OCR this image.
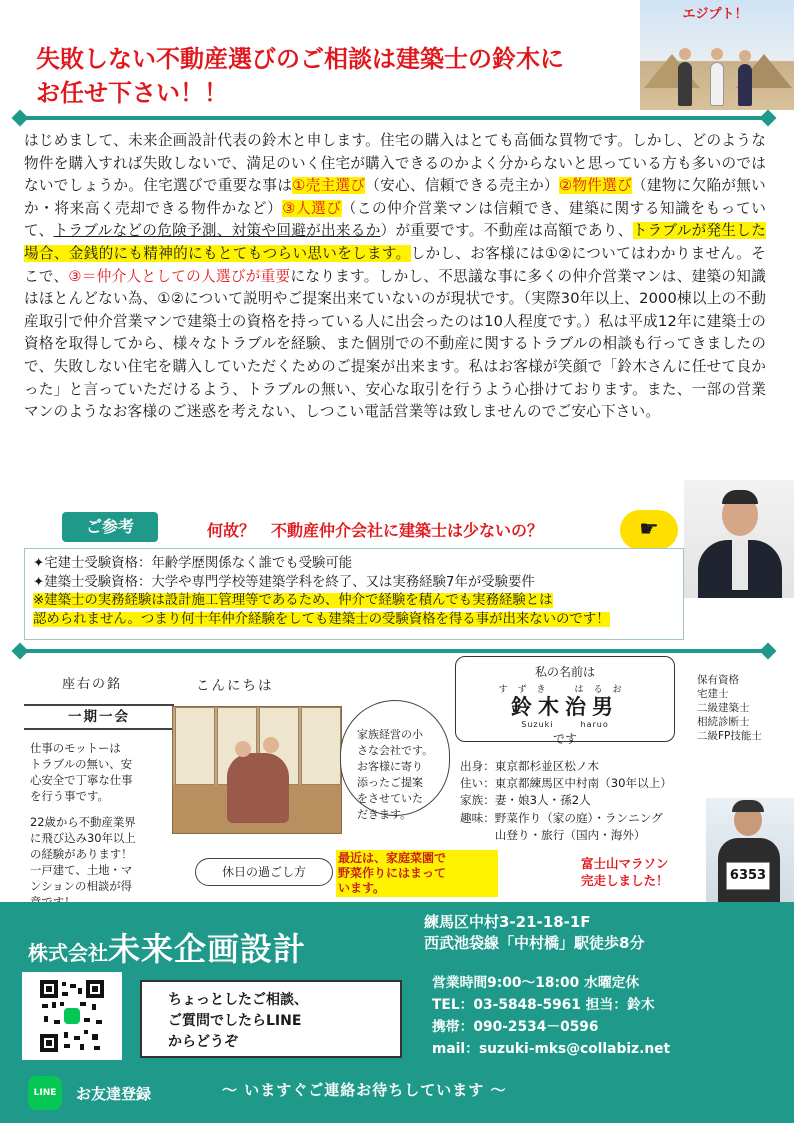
失敗しない不動産選びのご相談は建築士の鈴木に
お任せ下さい！！
エジプト！
はじめまして、未来企画設計代表の鈴木と申します。住宅の購入はとても高価な買物です。しかし、どのような物件を購入すれば失敗しないで、満足のいく住宅が購入できるのかよく分からないと思っている方も多いのではないでしょうか。住宅選びで重要な事は①売主選び（安心、信頼できる売主か）②物件選び（建物に欠陥が無いか・将来高く売却できる物件かなど）③人選び（この仲介営業マンは信頼でき、建築に関する知識をもっていて、トラブルなどの危険予測、対策や回避が出来るか）が重要です。不動産は高額であり、トラブルが発生した場合、金銭的にも精神的にもとてもつらい思いをします。しかし、お客様には①②についてはわかりません。そこで、③＝仲介人としての人選びが重要になります。しかし、不思議な事に多くの仲介営業マンは、建築の知識はほとんどない為、①②について説明やご提案出来ていないのが現状です。（実際30年以上、2000棟以上の不動産取引で仲介営業マンで建築士の資格を持っている人に出会ったのは10人程度です。）私は平成12年に建築士の資格を取得してから、様々なトラブルを経験、また個別での不動産に関するトラブルの相談も行ってきましたので、失敗しない住宅を購入していただくためのご提案が出来ます。私はお客様が笑顔で「鈴木さんに任せて良かった」と言っていただけるよう、トラブルの無い、安心な取引を行うよう心掛けております。また、一部の営業マンのようなお客様のご迷惑を考えない、しつこい電話営業等は致しませんのでご安心下さい。
ご参考	何故？　不動産仲介会社に建築士は少ないの？	☛
✦宅建士受験資格：年齢学歴関係なく誰でも受験可能
✦建築士受験資格：大学や専門学校等建築学科を終了、又は実務経験7年が受験要件
※建築士の実務経験は設計施工管理等であるため、仲介で経験を積んでも実務経験とは
認められません。つまり何十年仲介経験をしても建築士の受験資格を得る事が出来ないのです！
座右の銘
一期一会
仕事のモットーは
トラブルの無い、安
心安全で丁寧な仕事
を行う事です。
22歳から不動産業界
に飛び込み30年以上
の経験があります！
一戸建て、土地・マ
ンションの相談が得
こんにちは
休日の過ごし方
家族経営の小
さな会社です。
お客様に寄り
添ったご提案
をさせていた
だきます。
最近は、家庭菜園で
野菜作りにはまって
います。
私の名前は
すずき　はるお
鈴木治男
Suzuki　　　haruo
です
保有資格
宅建士
二級建築士
相続診断士
二級FP技能士
出身：	東京都杉並区松ノ木
住い：	東京都練馬区中村南（30年以上）
家族：	妻・娘3人・孫2人
趣味：	野菜作り（家の庭）・ランニング
	山登り・旅行（国内・海外）
富士山マラソン
完走しました！	6353
株式会社未来企画設計
練馬区中村3-21-18-1F
西武池袋線「中村橋」駅徒歩8分
ちょっとしたご相談、
ご質問でしたらLINE
からどうぞ
営業時間9:00～18:00 水曜定休
TEL：03-5848-5961 担当：鈴木
携帯：090-2534－0596
mail：suzuki-mks@collabiz.net
LINE	お友達登録	～ いますぐご連絡お待ちしています ～
